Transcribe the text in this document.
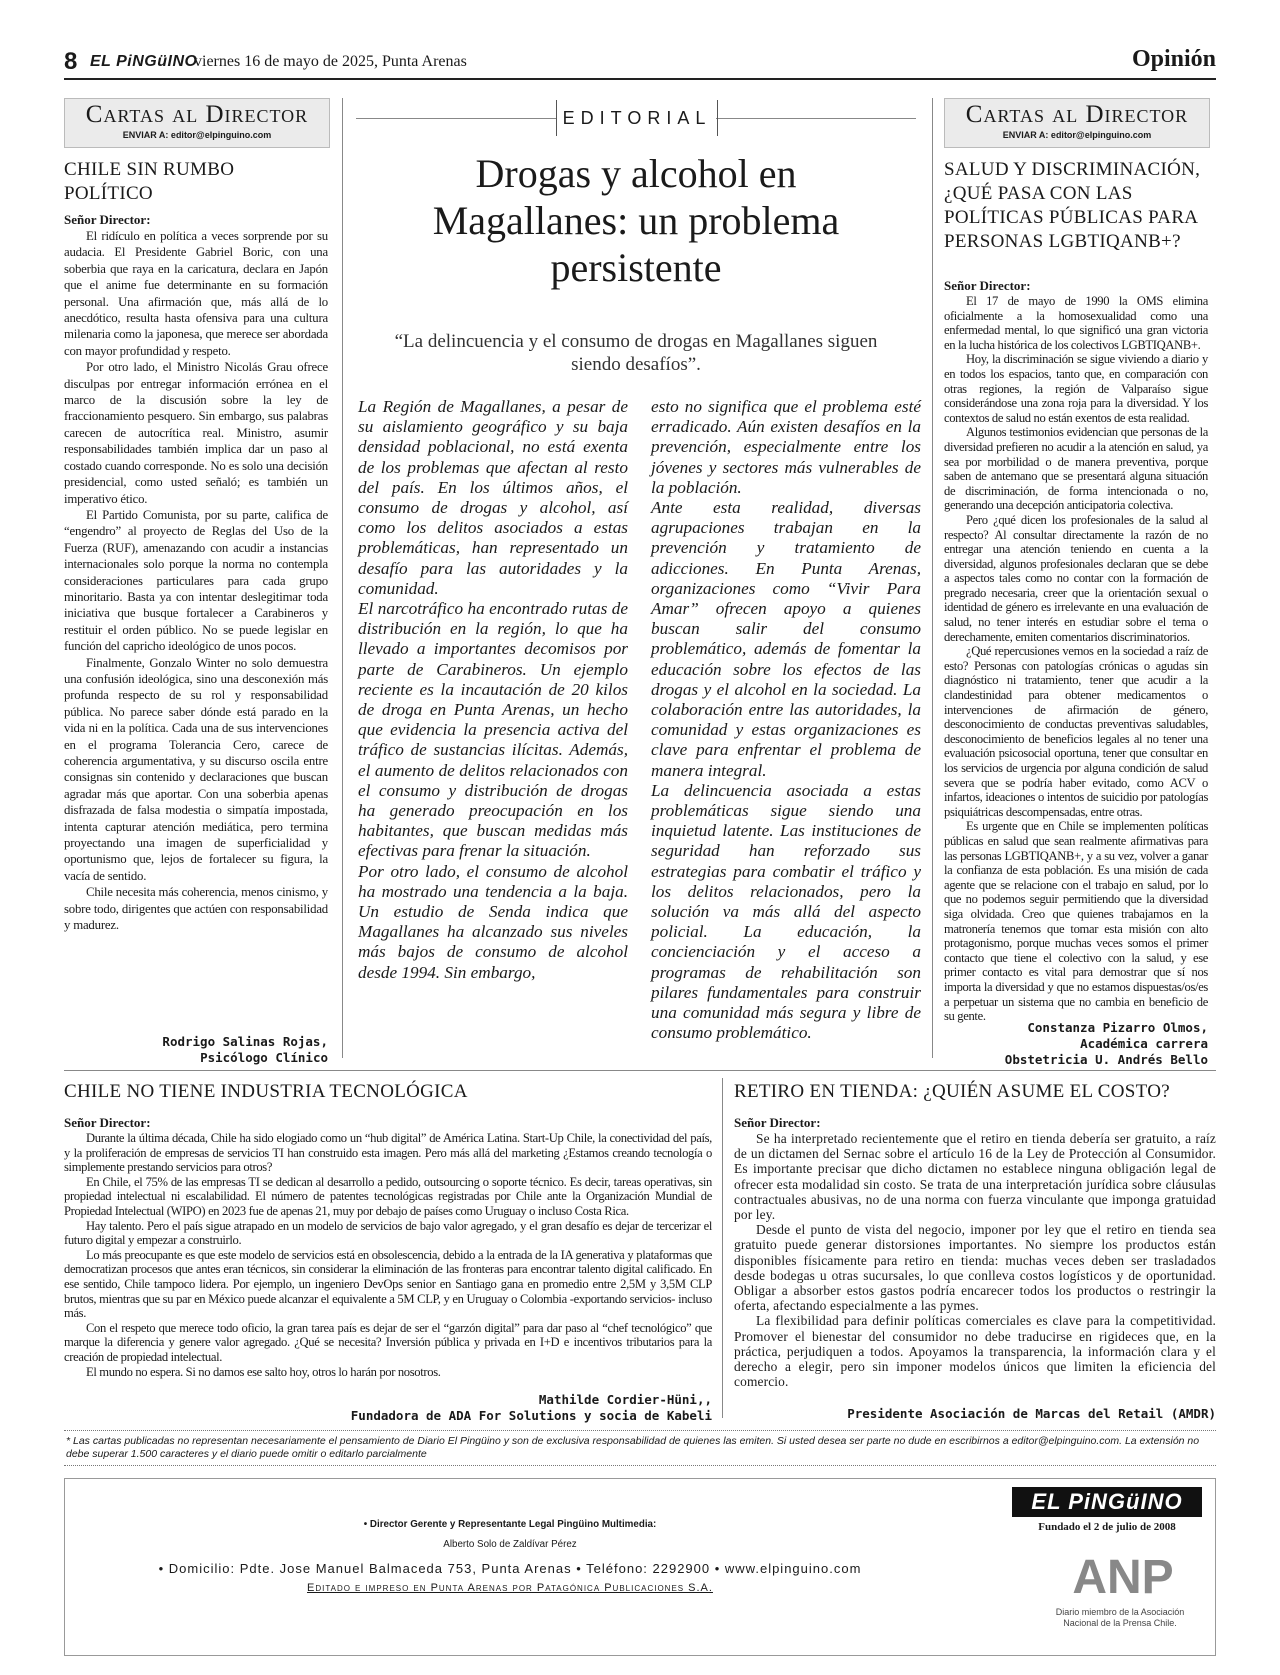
8 EL PiNGüINO
viernes 16 de mayo de 2025, Punta Arenas	Opinión
Cartas al Director
ENVIAR A: editor@elpinguino.com
CHILE SIN RUMBO POLÍTICO
Señor Director:

El ridículo en política a veces sorprende por su audacia. El Presidente Gabriel Boric, con una soberbia que raya en la caricatura, declara en Japón que el anime fue determinante en su formación personal. Una afirmación que, más allá de lo anecdótico, resulta hasta ofensiva para una cultura milenaria como la japonesa, que merece ser abordada con mayor profundidad y respeto.

Por otro lado, el Ministro Nicolás Grau ofrece disculpas por entregar información errónea en el marco de la discusión sobre la ley de fraccionamiento pesquero. Sin embargo, sus palabras carecen de autocrítica real. Ministro, asumir responsabilidades también implica dar un paso al costado cuando corresponde. No es solo una decisión presidencial, como usted señaló; es también un imperativo ético.

El Partido Comunista, por su parte, califica de “engendro” al proyecto de Reglas del Uso de la Fuerza (RUF), amenazando con acudir a instancias internacionales solo porque la norma no contempla consideraciones particulares para cada grupo minoritario. Basta ya con intentar deslegitimar toda iniciativa que busque fortalecer a Carabineros y restituir el orden público. No se puede legislar en función del capricho ideológico de unos pocos.

Finalmente, Gonzalo Winter no solo demuestra una confusión ideológica, sino una desconexión más profunda respecto de su rol y responsabilidad pública. No parece saber dónde está parado en la vida ni en la política. Cada una de sus intervenciones en el programa Tolerancia Cero, carece de coherencia argumentativa, y su discurso oscila entre consignas sin contenido y declaraciones que buscan agradar más que aportar. Con una soberbia apenas disfrazada de falsa modestia o simpatía impostada, intenta capturar atención mediática, pero termina proyectando una imagen de superficialidad y oportunismo que, lejos de fortalecer su figura, la vacía de sentido.

Chile necesita más coherencia, menos cinismo, y sobre todo, dirigentes que actúen con responsabilidad y madurez.

Rodrigo Salinas Rojas,
Psicólogo Clínico
EDITORIAL
Drogas y alcohol en Magallanes: un problema persistente
“La delincuencia y el consumo de drogas en Magallanes siguen siendo desafíos”.

La Región de Magallanes, a pesar de su aislamiento geográfico y su baja densidad poblacional, no está exenta de los problemas que afectan al resto del país. En los últimos años, el consumo de drogas y alcohol, así como los delitos asociados a estas problemáticas, han representado un desafío para las autoridades y la comunidad.

El narcotráfico ha encontrado rutas de distribución en la región, lo que ha llevado a importantes decomisos por parte de Carabineros. Un ejemplo reciente es la incautación de 20 kilos de droga en Punta Arenas, un hecho que evidencia la presencia activa del tráfico de sustancias ilícitas. Además, el aumento de delitos relacionados con el consumo y distribución de drogas ha generado preocupación en los habitantes, que buscan medidas más efectivas para frenar la situación.

Por otro lado, el consumo de alcohol ha mostrado una tendencia a la baja. Un estudio de Senda indica que Magallanes ha alcanzado sus niveles más bajos de consumo de alcohol desde 1994. Sin embargo,

esto no significa que el problema esté erradicado. Aún existen desafíos en la prevención, especialmente entre los jóvenes y sectores más vulnerables de la población.

Ante esta realidad, diversas agrupaciones trabajan en la prevención y tratamiento de adicciones. En Punta Arenas, organizaciones como “Vivir Para Amar” ofrecen apoyo a quienes buscan salir del consumo problemático, además de fomentar la educación sobre los efectos de las drogas y el alcohol en la sociedad. La colaboración entre las autoridades, la comunidad y estas organizaciones es clave para enfrentar el problema de manera integral.

La delincuencia asociada a estas problemáticas sigue siendo una inquietud latente. Las instituciones de seguridad han reforzado sus estrategias para combatir el tráfico y los delitos relacionados, pero la solución va más allá del aspecto policial. La educación, la concienciación y el acceso a programas de rehabilitación son pilares fundamentales para construir una comunidad más segura y libre de consumo problemático.

Cartas al Director
ENVIAR A: editor@elpinguino.com
SALUD Y DISCRIMINACIÓN, ¿QUÉ PASA CON LAS POLÍTICAS PÚBLICAS PARA PERSONAS LGBTIQANB+?
Señor Director:

El 17 de mayo de 1990 la OMS elimina oficialmente a la homosexualidad como una enfermedad mental, lo que significó una gran victoria en la lucha histórica de los colectivos LGBTIQANB+.

Hoy, la discriminación se sigue viviendo a diario y en todos los espacios, tanto que, en comparación con otras regiones, la región de Valparaíso sigue considerándose una zona roja para la diversidad. Y los contextos de salud no están exentos de esta realidad.

Algunos testimonios evidencian que personas de la diversidad prefieren no acudir a la atención en salud, ya sea por morbilidad o de manera preventiva, porque saben de antemano que se presentará alguna situación de discriminación, de forma intencionada o no, generando una decepción anticipatoria colectiva.

Pero ¿qué dicen los profesionales de la salud al respecto? Al consultar directamente la razón de no entregar una atención teniendo en cuenta a la diversidad, algunos profesionales declaran que se debe a aspectos tales como no contar con la formación de pregrado necesaria, creer que la orientación sexual o identidad de género es irrelevante en una evaluación de salud, no tener interés en estudiar sobre el tema o derechamente, emiten comentarios discriminatorios.

¿Qué repercusiones vemos en la sociedad a raíz de esto? Personas con patologías crónicas o agudas sin diagnóstico ni tratamiento, tener que acudir a la clandestinidad para obtener medicamentos o intervenciones de afirmación de género, desconocimiento de conductas preventivas saludables, desconocimiento de beneficios legales al no tener una evaluación psicosocial oportuna, tener que consultar en los servicios de urgencia por alguna condición de salud severa que se podría haber evitado, como ACV o infartos, ideaciones o intentos de suicidio por patologías psiquiátricas descompensadas, entre otras.

Es urgente que en Chile se implementen políticas públicas en salud que sean realmente afirmativas para las personas LGBTIQANB+, y a su vez, volver a ganar la confianza de esta población. Es una misión de cada agente que se relacione con el trabajo en salud, por lo que no podemos seguir permitiendo que la diversidad siga olvidada. Creo que quienes trabajamos en la matronería tenemos que tomar esta misión con alto protagonismo, porque muchas veces somos el primer contacto que tiene el colectivo con la salud, y ese primer contacto es vital para demostrar que sí nos importa la diversidad y que no estamos dispuestas/os/es a perpetuar un sistema que no cambia en beneficio de su gente.

Constanza Pizarro Olmos,
Académica carrera
Obstetricia U. Andrés Bello
CHILE NO TIENE INDUSTRIA TECNOLÓGICA
Señor Director:

Durante la última década, Chile ha sido elogiado como un “hub digital” de América Latina. Start-Up Chile, la conectividad del país, y la proliferación de empresas de servicios TI han construido esta imagen. Pero más allá del marketing ¿Estamos creando tecnología o simplemente prestando servicios para otros?

En Chile, el 75% de las empresas TI se dedican al desarrollo a pedido, outsourcing o soporte técnico. Es decir, tareas operativas, sin propiedad intelectual ni escalabilidad. El número de patentes tecnológicas registradas por Chile ante la Organización Mundial de Propiedad Intelectual (WIPO) en 2023 fue de apenas 21, muy por debajo de países como Uruguay o incluso Costa Rica.

Hay talento. Pero el país sigue atrapado en un modelo de servicios de bajo valor agregado, y el gran desafío es dejar de tercerizar el futuro digital y empezar a construirlo.

Lo más preocupante es que este modelo de servicios está en obsolescencia, debido a la entrada de la IA generativa y plataformas que democratizan procesos que antes eran técnicos, sin considerar la eliminación de las fronteras para encontrar talento digital calificado. En ese sentido, Chile tampoco lidera. Por ejemplo, un ingeniero DevOps senior en Santiago gana en promedio entre 2,5M y 3,5M CLP brutos, mientras que su par en México puede alcanzar el equivalente a 5M CLP, y en Uruguay o Colombia -exportando servicios- incluso más.

Con el respeto que merece todo oficio, la gran tarea país es dejar de ser el “garzón digital” para dar paso al “chef tecnológico” que marque la diferencia y genere valor agregado. ¿Qué se necesita? Inversión pública y privada en I+D e incentivos tributarios para la creación de propiedad intelectual.

El mundo no espera. Si no damos ese salto hoy, otros lo harán por nosotros.

Mathilde Cordier-Hüni,,
Fundadora de ADA For Solutions y socia de Kabeli
RETIRO EN TIENDA: ¿QUIÉN ASUME EL COSTO?
Señor Director:

Se ha interpretado recientemente que el retiro en tienda debería ser gratuito, a raíz de un dictamen del Sernac sobre el artículo 16 de la Ley de Protección al Consumidor. Es importante precisar que dicho dictamen no establece ninguna obligación legal de ofrecer esta modalidad sin costo. Se trata de una interpretación jurídica sobre cláusulas contractuales abusivas, no de una norma con fuerza vinculante que imponga gratuidad por ley.

Desde el punto de vista del negocio, imponer por ley que el retiro en tienda sea gratuito puede generar distorsiones importantes. No siempre los productos están disponibles físicamente para retiro en tienda: muchas veces deben ser trasladados desde bodegas u otras sucursales, lo que conlleva costos logísticos y de oportunidad. Obligar a absorber estos gastos podría encarecer todos los productos o restringir la oferta, afectando especialmente a las pymes.

La flexibilidad para definir políticas comerciales es clave para la competitividad. Promover el bienestar del consumidor no debe traducirse en rigideces que, en la práctica, perjudiquen a todos. Apoyamos la transparencia, la información clara y el derecho a elegir, pero sin imponer modelos únicos que limiten la eficiencia del comercio.

Presidente Asociación de Marcas del Retail (AMDR)
* Las cartas publicadas no representan necesariamente el pensamiento de Diario El Pingüino y son de exclusiva responsabilidad de quienes las emiten. Si usted desea ser parte no dude en escribirnos a editor@elpinguino.com. La extensión no debe superar 1.500 caracteres y el diario puede omitir o editarlo parcialmente
• Director Gerente y Representante Legal Pingüino Multimedia:
Alberto Solo de Zaldívar Pérez
• Domicilio: Pdte. Jose Manuel Balmaceda 753, Punta Arenas • Teléfono: 2292900 • www.elpinguino.com
Editado e impreso en Punta Arenas por Patagónica Publicaciones S.A.
EL PiNGüINO
Fundado el 2 de julio de 2008
ANP
Diario miembro de la Asociación Nacional de la Prensa Chile.
